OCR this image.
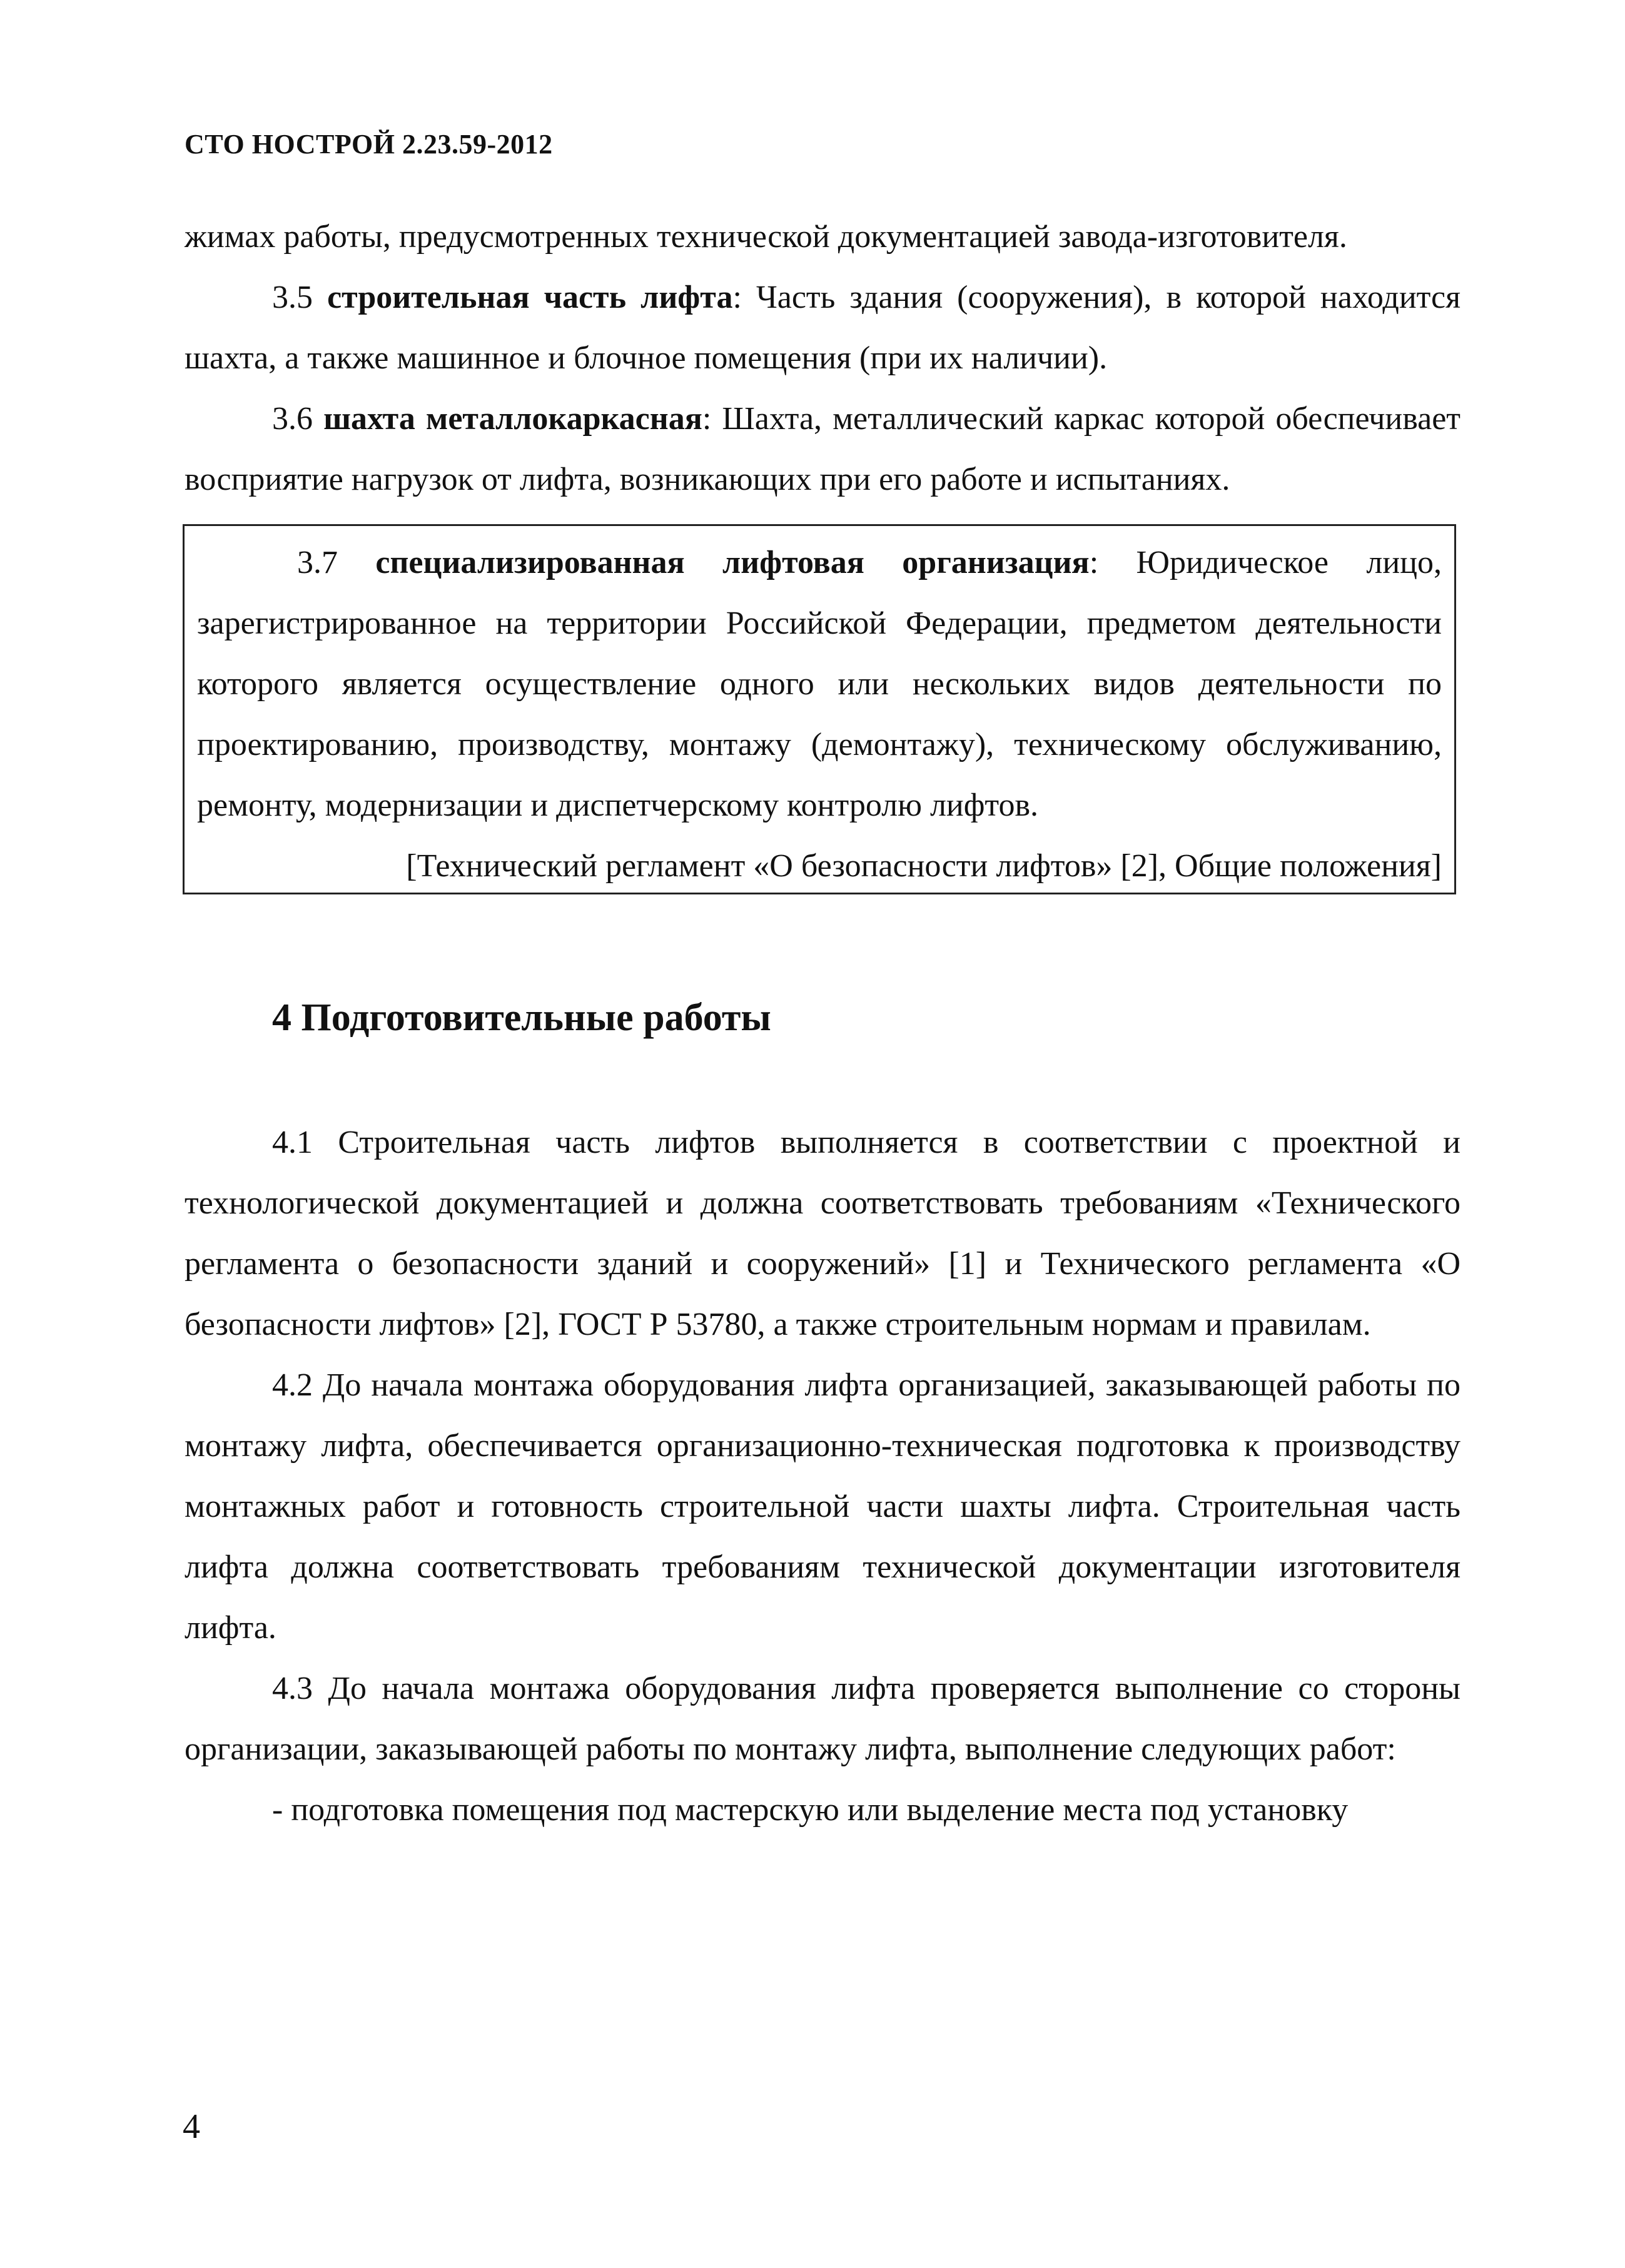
СТО НОСТРОЙ 2.23.59-2012

жимах работы, предусмотренных технической документацией завода-изготовителя.

3.5 строительная часть лифта: Часть здания (сооружения), в которой находится шахта, а также машинное и блочное помещения (при их наличии).

3.6 шахта металлокаркасная: Шахта, металлический каркас которой обеспечивает восприятие нагрузок от лифта, возникающих при его работе и испытаниях.

3.7 специализированная лифтовая организация: Юридическое лицо, зарегистрированное на территории Российской Федерации, предметом деятельности которого является осуществление одного или нескольких видов деятельности по проектированию, производству, монтажу (демонтажу), техническому обслуживанию, ремонту, модернизации и диспетчерскому контролю лифтов.

[Технический регламент «О безопасности лифтов» [2], Общие положения]

4 Подготовительные работы

4.1 Строительная часть лифтов выполняется в соответствии с проектной и технологической документацией и должна соответствовать требованиям «Технического регламента о безопасности зданий и сооружений» [1] и Технического регламента «О безопасности лифтов» [2], ГОСТ Р 53780, а также строительным нормам и правилам.

4.2 До начала монтажа оборудования лифта организацией, заказывающей работы по монтажу лифта, обеспечивается организационно-техническая подготовка к производству монтажных работ и готовность строительной части шахты лифта. Строительная часть лифта должна соответствовать требованиям технической документации изготовителя лифта.

4.3 До начала монтажа оборудования лифта проверяется выполнение со стороны организации, заказывающей работы по монтажу лифта, выполнение следующих работ:

- подготовка помещения под мастерскую или выделение места под установку

4
